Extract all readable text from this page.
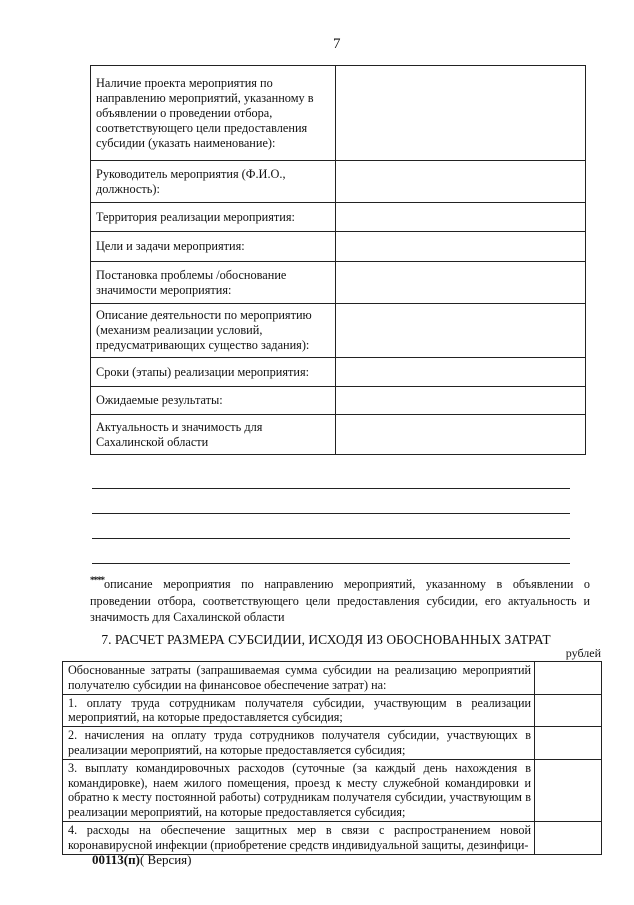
7
Наличие проекта мероприятия по направлению мероприятий, указанному в объявлении о проведении отбора, соответствующего цели предоставления субсидии (указать наименование):	
Руководитель мероприятия (Ф.И.О., должность):	
Территория реализации мероприятия:	
Цели и задачи мероприятия:	
Постановка проблемы /обоснование значимости мероприятия:	
Описание деятельности по мероприятию (механизм реализации условий, предусматривающих существо задания):	
Сроки (этапы) реализации мероприятия:	
Ожидаемые результаты:	
Актуальность и значимость для Сахалинской области	
****описание мероприятия по направлению мероприятий, указанному в объявлении о проведении отбора, соответствующего цели предоставления субсидии, его актуальность и значимость для Сахалинской области
7. РАСЧЕТ РАЗМЕРА СУБСИДИИ, ИСХОДЯ ИЗ ОБОСНОВАННЫХ ЗАТРАТ
рублей
Обоснованные затраты (запрашиваемая сумма субсидии на реализацию мероприятий получателю субсидии на финансовое обеспечение затрат) на:	
1. оплату труда сотрудникам получателя субсидии, участвующим в реализации мероприятий, на которые предоставляется субсидия;	
2. начисления на оплату труда сотрудников получателя субсидии, участвующих в реализации мероприятий, на которые предоставляется субсидия;	
3. выплату командировочных расходов (суточные (за каждый день нахождения в командировке), наем жилого помещения, проезд к месту служебной командировки и обратно к месту постоянной работы) сотрудникам получателя субсидии, участвующим в реализации мероприятий, на которые предоставляется субсидия;	
4. расходы на обеспечение защитных мер в связи с распространением новой коронавирусной инфекции (приобретение средств индивидуальной защиты, дезинфици-	
00113(п)( Версия)
